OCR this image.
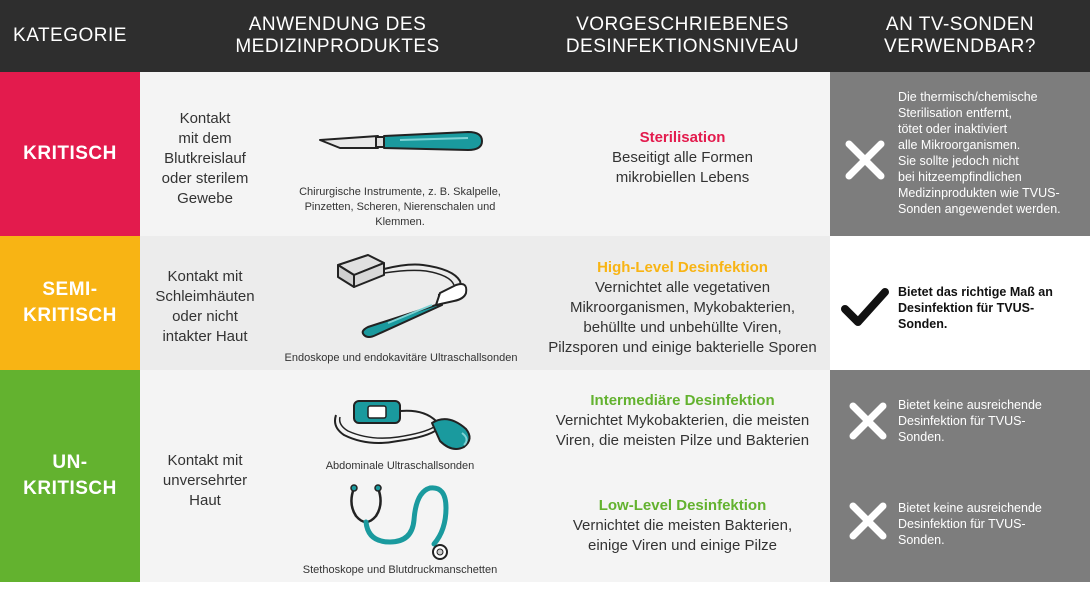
KATEGORIE
ANWENDUNG DES
MEDIZINPRODUKTES
VORGESCHRIEBENES
DESINFEKTIONSNIVEAU
AN TV-SONDEN
VERWENDBAR?
KRITISCH
SEMI-
KRITISCH
UN-
KRITISCH
Kontakt
mit dem
Blutkreislauf
oder sterilem
Gewebe	Chirurgische Instrumente, z. B. Skalpelle,
Pinzetten, Scheren, Nierenschalen und
Klemmen.
Sterilisation
Beseitigt alle Formen
mikrobiellen Lebens
Die thermisch/chemische
Sterilisation entfernt,
tötet oder inaktiviert
alle Mikroorganismen.
Sie sollte jedoch nicht
bei hitzeempfindlichen
Medizinprodukten wie TVUS-
Sonden angewendet werden.
Kontakt mit
Schleimhäuten
oder nicht
intakter Haut
Endoskope und endokavitäre Ultraschallsonden
High-Level Desinfektion
Vernichtet alle vegetativen
Mikroorganismen, Mykobakterien,
behüllte und unbehüllte Viren,
Pilzsporen und einige bakterielle Sporen
Bietet das richtige Maß an
Desinfektion für TVUS-
Sonden.
Kontakt mit
unversehrter
Haut
Abdominale Ultraschallsonden
Stethoskope und Blutdruckmanschetten
Intermediäre Desinfektion
Vernichtet Mykobakterien, die meisten
Viren, die meisten Pilze und Bakterien
Low-Level Desinfektion
Vernichtet die meisten Bakterien,
einige Viren und einige Pilze
Bietet keine ausreichende
Desinfektion für TVUS-
Sonden.
Bietet keine ausreichende
Desinfektion für TVUS-
Sonden.
